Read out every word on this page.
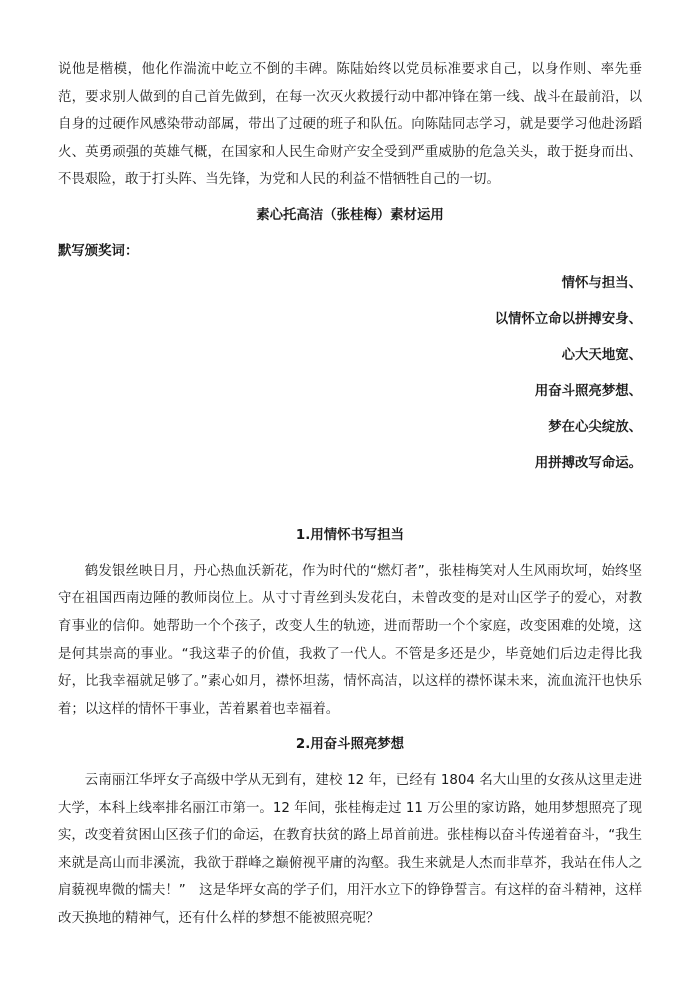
说他是楷模，他化作湍流中屹立不倒的丰碑。陈陆始终以党员标准要求自己，以身作则、率先垂范，要求别人做到的自己首先做到，在每一次灭火救援行动中都冲锋在第一线、战斗在最前沿，以自身的过硬作风感染带动部属，带出了过硬的班子和队伍。向陈陆同志学习，就是要学习他赴汤蹈火、英勇顽强的英雄气概，在国家和人民生命财产安全受到严重威胁的危急关头，敢于挺身而出、不畏艰险，敢于打头阵、当先锋，为党和人民的利益不惜牺牲自己的一切。

素心托高洁（张桂梅）素材运用

默写颁奖词：

情怀与担当、

以情怀立命以拼搏安身、

心大天地宽、

用奋斗照亮梦想、

梦在心尖绽放、

用拼搏改写命运。

1.用情怀书写担当

鹤发银丝映日月，丹心热血沃新花，作为时代的“燃灯者”，张桂梅笑对人生风雨坎坷，始终坚守在祖国西南边陲的教师岗位上。从寸寸青丝到头发花白，未曾改变的是对山区学子的爱心，对教育事业的信仰。她帮助一个个孩子，改变人生的轨迹，进而帮助一个个家庭，改变困难的处境，这是何其崇高的事业。“我这辈子的价值，我救了一代人。不管是多还是少，毕竟她们后边走得比我好，比我幸福就足够了。”素心如月，襟怀坦荡，情怀高洁，以这样的襟怀谋未来，流血流汗也快乐着；以这样的情怀干事业，苦着累着也幸福着。

2.用奋斗照亮梦想

云南丽江华坪女子高级中学从无到有，建校 12 年，已经有 1804 名大山里的女孩从这里走进大学，本科上线率排名丽江市第一。12 年间，张桂梅走过 11 万公里的家访路，她用梦想照亮了现实，改变着贫困山区孩子们的命运，在教育扶贫的路上昂首前进。张桂梅以奋斗传递着奋斗，“我生来就是高山而非溪流，我欲于群峰之巅俯视平庸的沟壑。我生来就是人杰而非草芥，我站在伟人之肩藐视卑微的懦夫！”　这是华坪女高的学子们，用汗水立下的铮铮誓言。有这样的奋斗精神，这样改天换地的精神气，还有什么样的梦想不能被照亮呢？
